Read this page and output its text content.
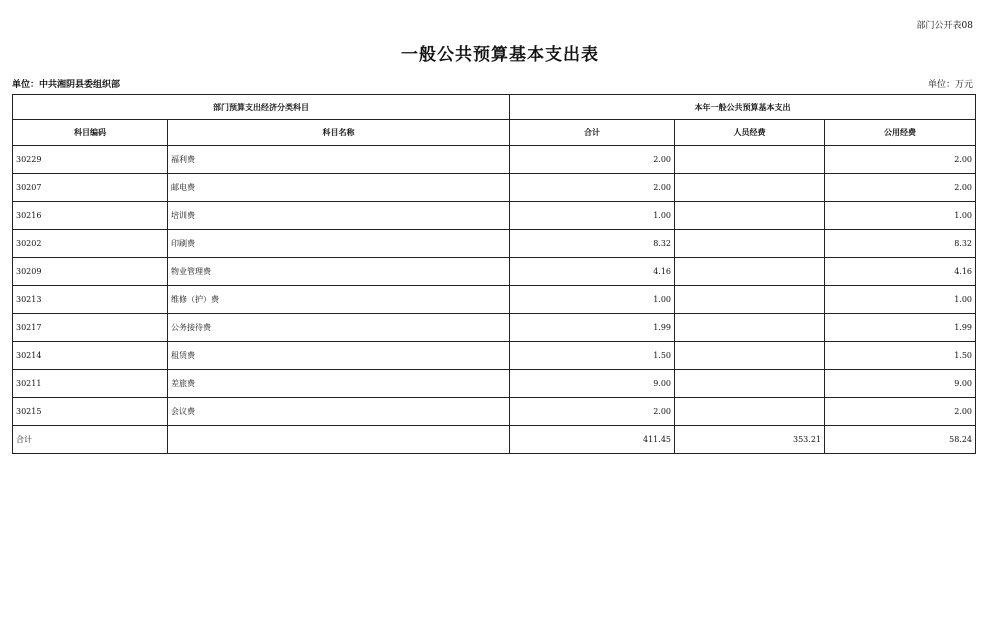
部门公开表08
一般公共预算基本支出表
单位：中共湘阴县委组织部	单位：万元
部门预算支出经济分类科目		本年一般公共预算基本支出		
科目编码	科目名称	合计	人员经费	公用经费
30229	福利费	2.00		2.00
30207	邮电费	2.00		2.00
30216	培训费	1.00		1.00
30202	印刷费	8.32		8.32
30209	物业管理费	4.16		4.16
30213	维修（护）费	1.00		1.00
30217	公务接待费	1.99		1.99
30214	租赁费	1.50		1.50
30211	差旅费	9.00		9.00
30215	会议费	2.00		2.00
合计		411.45	353.21	58.24
